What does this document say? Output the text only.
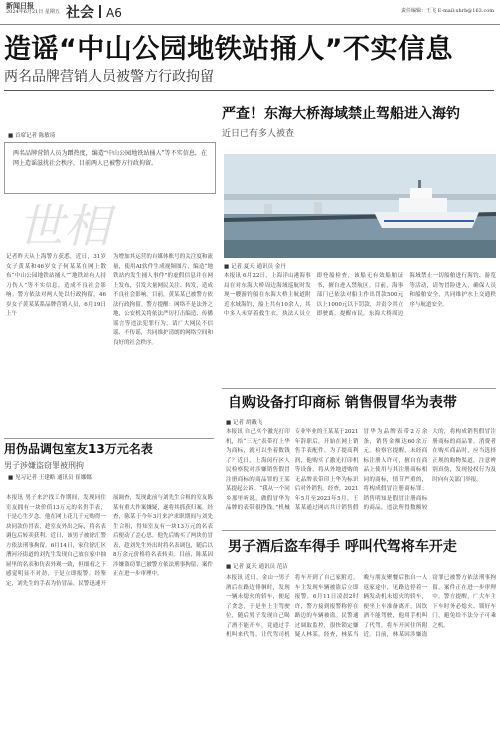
新闻日报
2024年6月21日 星期五 社会 A6	责任编辑：王飞 E-mail:xhrb@163.com
造谣“中山公园地铁站捅人”不实信息
两名品牌营销人员被警方行政拘留
■ 首席记者 陈敏琦
两名品牌营销人员为蹭热度，编造“中山公园地铁站捅人”等不实信息，在网上造谣滋扰社会秩序，目前两人已被警方行政拘留。
世相
记者昨天从上海警方获悉，近日，31岁女子黄某和46岁女子何某某在网上散布“中山公园地铁站捅人”“地铁站有人持刀伤人”等不实信息，造成不良社会影响。警方依法对两人处以行政拘留。46岁女子黄某某系品牌营销人员，6月19日上午
为增加其运营的自媒体账号的关注度和流量，使用AI软件生成视频图片，编造“地铁站内发生捅人事件”的虚假信息并在网上发布，引发大量网民关注、转发，造成不良社会影响。目前，黄某某已被警方依法行政拘留。警方提醒：网络不是法外之地，公安机关将依法严厉打击编造、传播谣言等违法犯罪行为，请广大网民不信谣、不传谣，共同维护清朗的网络空间和良好的社会秩序。
严查！东海大桥海域禁止驾船进入海钓
近日已有多人被查
■ 记者 夏天 通讯员 金丹
本报讯 6月22日，上海洋山港海事局在对东海大桥周边海域巡航时发现一艘游钓船在东海大桥主航道附近水域海钓，船上共有10余人，其中多人未穿着救生衣。执法人员立即登船检查，该船无有效船舶证书，擅自进入禁航区。目前，海事部门已依法对船主作出罚款500元以上1000元以下罚款，并责令其立即驶离。提醒市民，东海大桥周边海域禁止一切船舶进行海钓、游览等活动，请勿冒险进入，确保人员和船舶安全，共同维护水上交通秩序与航道安全。
自购设备打印商标 销售假冒华为表带
■ 记者 胡戴飞
本报讯 自己买个激光打印机，给“三无”表带打上华为商标，就可以坐着数钱了？近日，上海闵行区人民检察院对涉嫌销售假冒注册商标的商品罪的王某某提起公诉。“我从一个同乡那里听说，做假冒华为品牌的表带很挣钱。”机械专业毕业的王某某于2021年辞职后，开始在网上销售手表配件。为了提高利润，他购买了激光打印机等设备，将从外地进购的无品牌表带印上华为标识后对外销售。经查，2021年5月至2023年5月，王某某通过网店共计销售假冒华为品牌表带2万余条，销售金额达60余万元。检察官提醒，未经商标注册人许可，擅自在商品上使用与其注册商标相同的商标，情节严重的，将构成假冒注册商标罪；销售明知是假冒注册商标的商品，违法所得数额较大的，将构成销售假冒注册商标的商品罪。消费者在购买商品时，应当选择正规的购物渠道，注意辨别真伪，发现侵权行为及时向有关部门举报。
用伪品调包室友13万元名表
男子涉嫌盗窃罪被刑拘
■ 见习记者 王建略 通讯员 崔娜娜
本报讯 男子来沪找工作期间，发现同住室友拥有一块价值13万元的名贵手表，于是心生歹念。他在网上花几千元购得一块同款仿冒表，趁室友外出之际，将名表调包后转卖获利。近日，该男子被徐汇警方依法刑事拘留。6月14日，家住徐汇区漕河泾街道的刘先生发现自己放在家中抽屉里的名表和仿表外观一致，但细看之下感觉明显不对劲，于是立即报警。经鉴定，刘先生的手表为仿冒品。民警迅速开展调查，发现此前与刘先生合租的室友陈某有重大作案嫌疑，遂将其抓获归案。经查，陈某于今年3月来沪求职期间与刘先生合租，得知室友有一块13万元的名表后便动了歪心思。他先后购买了两块仿冒表，趁刘先生外出时将名表调包，随后以8万余元价格将名表转卖。目前，陈某因涉嫌盗窃罪已被警方依法刑事拘留，案件正在进一步审理中。
男子酒后盗车得手 呼叫代驾将车开走
■ 记者 夏天 通讯员 范洁
本报讯 近日，金山一男子酒后在路边徘徊时，发现一辆未熄火的轿车，便起了贪念，于是坐上主驾驶位，随后男子发现自己喝了酒不能开车，竟通过手机叫来代驾，让代驾司机将车开到了自己家附近。车主发现车辆被盗后立即报警。6月11日凌晨2时许，警方接到报警称停在路边的车辆被盗。民警通过调取监控，很快锁定嫌疑人林某。经查，林某当晚与朋友聚餐后独自一人返家途中，见路边停着一辆发动机未熄火的轿车，便坐上车准备离开。因饮酒不能驾驶，他用手机叫了代驾，将车开回住所附近。目前，林某因涉嫌盗窃罪已被警方依法刑事拘留，案件正在进一步审理中。警方提醒，广大车主下车时务必熄火、锁好车门，避免给不法分子可乘之机。
